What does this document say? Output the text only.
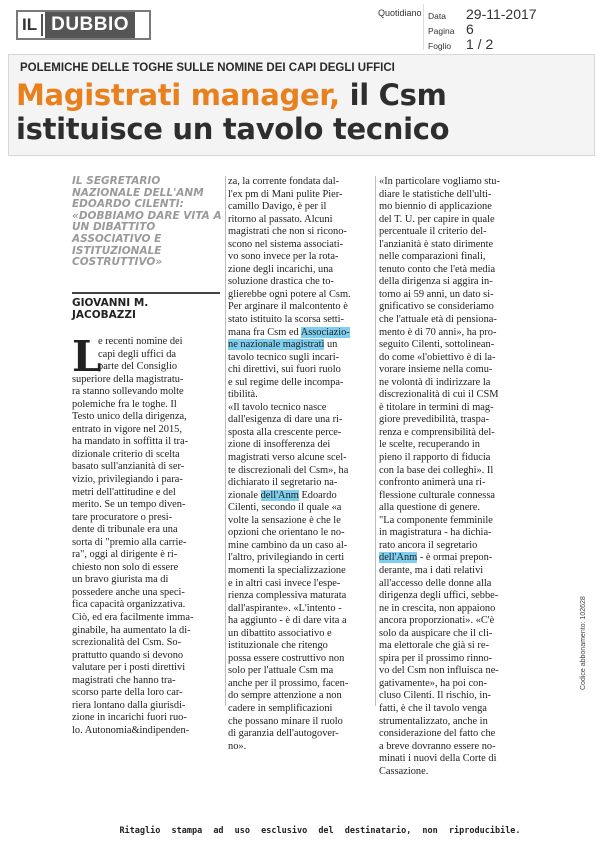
IL DUBBIO
Quotidiano Data	29-11-2017
Pagina 6
Foglio	1 / 2
POLEMICHE DELLE TOGHE SULLE NOMINE DEI CAPI DEGLI UFFICI
Magistrati manager, il Csm istituisce un tavolo tecnico
IL SEGRETARIO NAZIONALE DELL'ANM EDOARDO CILENTI: «DOBBIAMO DARE VITA A UN DIBATTITO ASSOCIATIVO E ISTITUZIONALE COSTRUTTIVO»
GIOVANNI M.
JACOBAZZI
L
e recenti nomine dei
capi degli uffici da
parte del Consiglio
superiore della magistratu-
ra stanno sollevando molte
polemiche fra le toghe. Il
Testo unico della dirigenza,
entrato in vigore nel 2015,
ha mandato in soffitta il tra-
dizionale criterio di scelta
basato sull'anzianità di ser-
vizio, privilegiando i para-
metri dell'attitudine e del
merito. Se un tempo diven-
tare procuratore o presi-
dente di tribunale era una
sorta di "premio alla carrie-
ra", oggi al dirigente è ri-
chiesto non solo di essere
un bravo giurista ma di
possedere anche una speci-
fica capacità organizzativa.
Ciò, ed era facilmente imma-
ginabile, ha aumentato la di-
screzionalità del Csm. So-
prattutto quando si devono
valutare per i posti direttivi
magistrati che hanno tra-
scorso parte della loro car-
riera lontano dalla giurisdi-
zione in incarichi fuori ruo-
lo. Autonomia&indipenden-
za, la corrente fondata dal-
l'ex pm di Mani pulite Pier-
camillo Davigo, è per il
ritorno al passato. Alcuni
magistrati che non si ricono-
scono nel sistema associati-
vo sono invece per la rota-
zione degli incarichi, una
soluzione drastica che to-
glierebbe ogni potere al Csm.
Per arginare il malcontento è
stato istituito la scorsa setti-
mana fra Csm ed Associazio-
ne nazionale magistrati un
tavolo tecnico sugli incari-
chi direttivi, sui fuori ruolo
e sul regime delle incompa-
tibilità.
«Il tavolo tecnico nasce
dall'esigenza di dare una ri-
sposta alla crescente perce-
zione di insofferenza dei
magistrati verso alcune scel-
te discrezionali del Csm», ha
dichiarato il segretario na-
zionale dell'Anm Edoardo
Cilenti, secondo il quale «a
volte la sensazione è che le
opzioni che orientano le no-
mine cambino da un caso al-
l'altro, privilegiando in certi
momenti la specializzazione
e in altri casi invece l'espe-
rienza complessiva maturata
dall'aspirante». «L'intento -
ha aggiunto - è di dare vita a
un dibattito associativo e
istituzionale che ritengo
possa essere costruttivo non
solo per l'attuale Csm ma
anche per il prossimo, facen-
do sempre attenzione a non
cadere in semplificazioni
che possano minare il ruolo
di garanzia dell'autogover-
no».
«In particolare vogliamo stu-
diare le statistiche dell'ulti-
mo biennio di applicazione
del T. U. per capire in quale
percentuale il criterio del-
l'anzianità è stato dirimente
nelle comparazioni finali,
tenuto conto che l'età media
della dirigenza si aggira in-
torno ai 59 anni, un dato si-
gnificativo se consideriamo
che l'attuale età di pensiona-
mento è di 70 anni», ha pro-
seguito Cilenti, sottolinean-
do come «l'obiettivo è di la-
vorare insieme nella comu-
ne volontà di indirizzare la
discrezionalità di cui il CSM
è titolare in termini di mag-
giore prevedibilità, traspa-
renza e comprensibilità del-
le scelte, recuperando in
pieno il rapporto di fiducia
con la base dei colleghi». Il
confronto animerà una ri-
flessione culturale connessa
alla questione di genere.
"La componente femminile
in magistratura - ha dichia-
rato ancora il segretario
dell'Anm - è ormai prepon-
derante, ma i dati relativi
all'accesso delle donne alla
dirigenza degli uffici, sebbe-
ne in crescita, non appaiono
ancora proporzionati». «C'è
solo da auspicare che il cli-
ma elettorale che già si re-
spira per il prossimo rinno-
vo del Csm non influisca ne-
gativamente», ha poi con-
cluso Cilenti. Il rischio, in-
fatti, è che il tavolo venga
strumentalizzato, anche in
considerazione del fatto che
a breve dovranno essere no-
minati i nuovi della Corte di
Cassazione.
Ritaglio stampa ad uso esclusivo del destinatario, non riproducibile.
Codice abbonamento: 102628
